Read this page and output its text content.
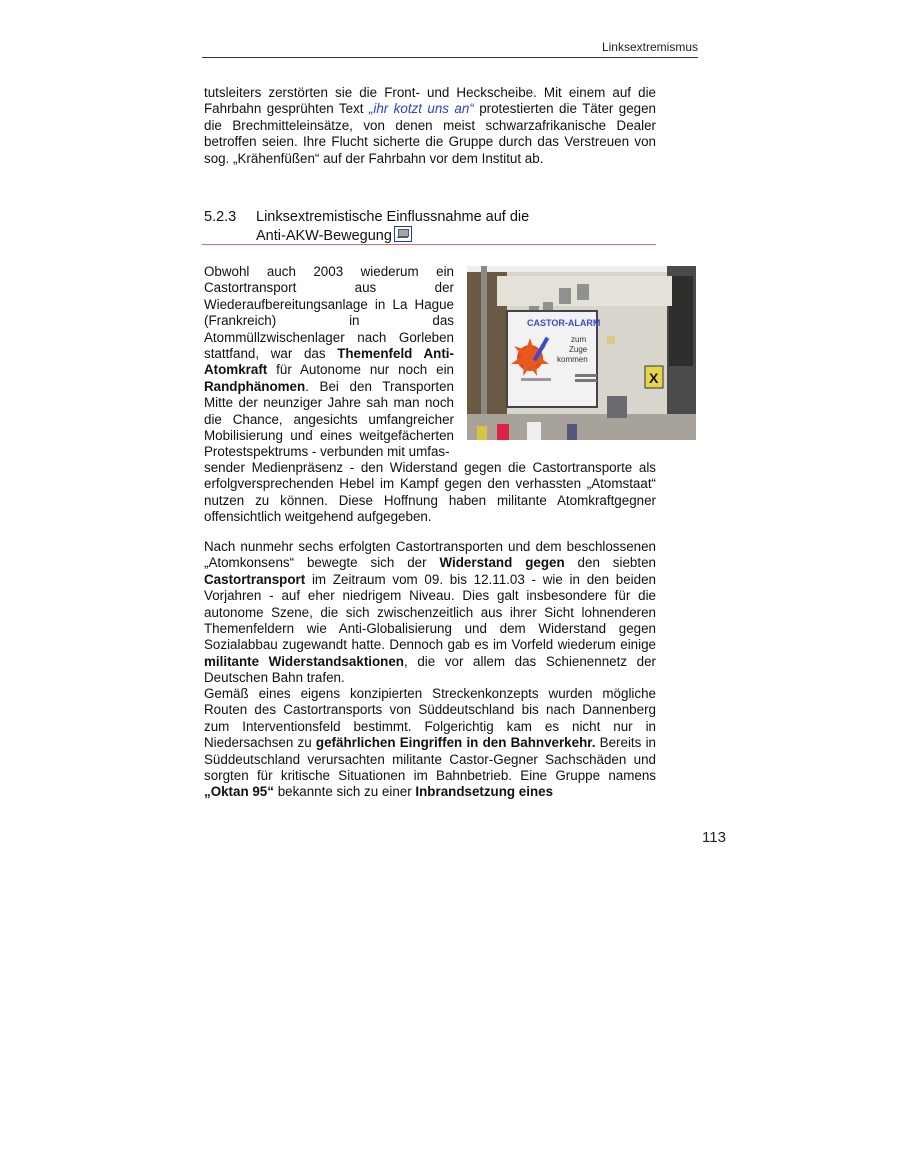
Linksextremismus
tutsleiters zerstörten sie die Front- und Heckscheibe. Mit einem auf die Fahrbahn gesprühten Text „ihr kotzt uns an“ protestierten die Täter gegen die Brechmitteleinsätze, von denen meist schwarzafrikanische Dealer betroffen seien. Ihre Flucht sicherte die Gruppe durch das Verstreuen von sog. „Krähenfüßen“ auf der Fahrbahn vor dem Institut ab.
5.2.3 Linksextremistische Einflussnahme auf die
Anti-AKW-Bewegung
Obwohl auch 2003 wiederum ein Castortransport aus der Wiederaufbereitungsanlage in La Hague (Frankreich) in das Atommüllzwischenlager nach Gorleben stattfand, war das Themenfeld Anti-Atomkraft für Autonome nur noch ein Randphänomen. Bei den Transporten Mitte der neunziger Jahre sah man noch die Chance, angesichts umfangreicher Mobilisierung und eines weitgefächerten Protestspektrums - verbunden mit umfas-
CASTOR-ALARM
zum
Zuge
kommen
X
sender Medienpräsenz - den Widerstand gegen die Castortransporte als erfolgversprechenden Hebel im Kampf gegen den verhassten „Atomstaat“ nutzen zu können. Diese Hoffnung haben militante Atomkraftgegner offensichtlich weitgehend aufgegeben.
Nach nunmehr sechs erfolgten Castortransporten und dem beschlossenen „Atomkonsens“ bewegte sich der Widerstand gegen den siebten Castortransport im Zeitraum vom 09. bis 12.11.03 - wie in den beiden Vorjahren - auf eher niedrigem Niveau. Dies galt insbesondere für die autonome Szene, die sich zwischenzeitlich aus ihrer Sicht lohnenderen Themenfeldern wie Anti-Globalisierung und dem Widerstand gegen Sozialabbau zugewandt hatte. Dennoch gab es im Vorfeld wiederum einige militante Widerstandsaktionen, die vor allem das Schienennetz der Deutschen Bahn trafen.
Gemäß eines eigens konzipierten Streckenkonzepts wurden mögliche Routen des Castortransports von Süddeutschland bis nach Dannenberg zum Interventionsfeld bestimmt. Folgerichtig kam es nicht nur in Niedersachsen zu gefährlichen Eingriffen in den Bahnverkehr. Bereits in Süddeutschland verursachten militante Castor-Gegner Sachschäden und sorgten für kritische Situationen im Bahnbetrieb. Eine Gruppe namens „Oktan 95“ bekannte sich zu einer Inbrandsetzung eines
113
